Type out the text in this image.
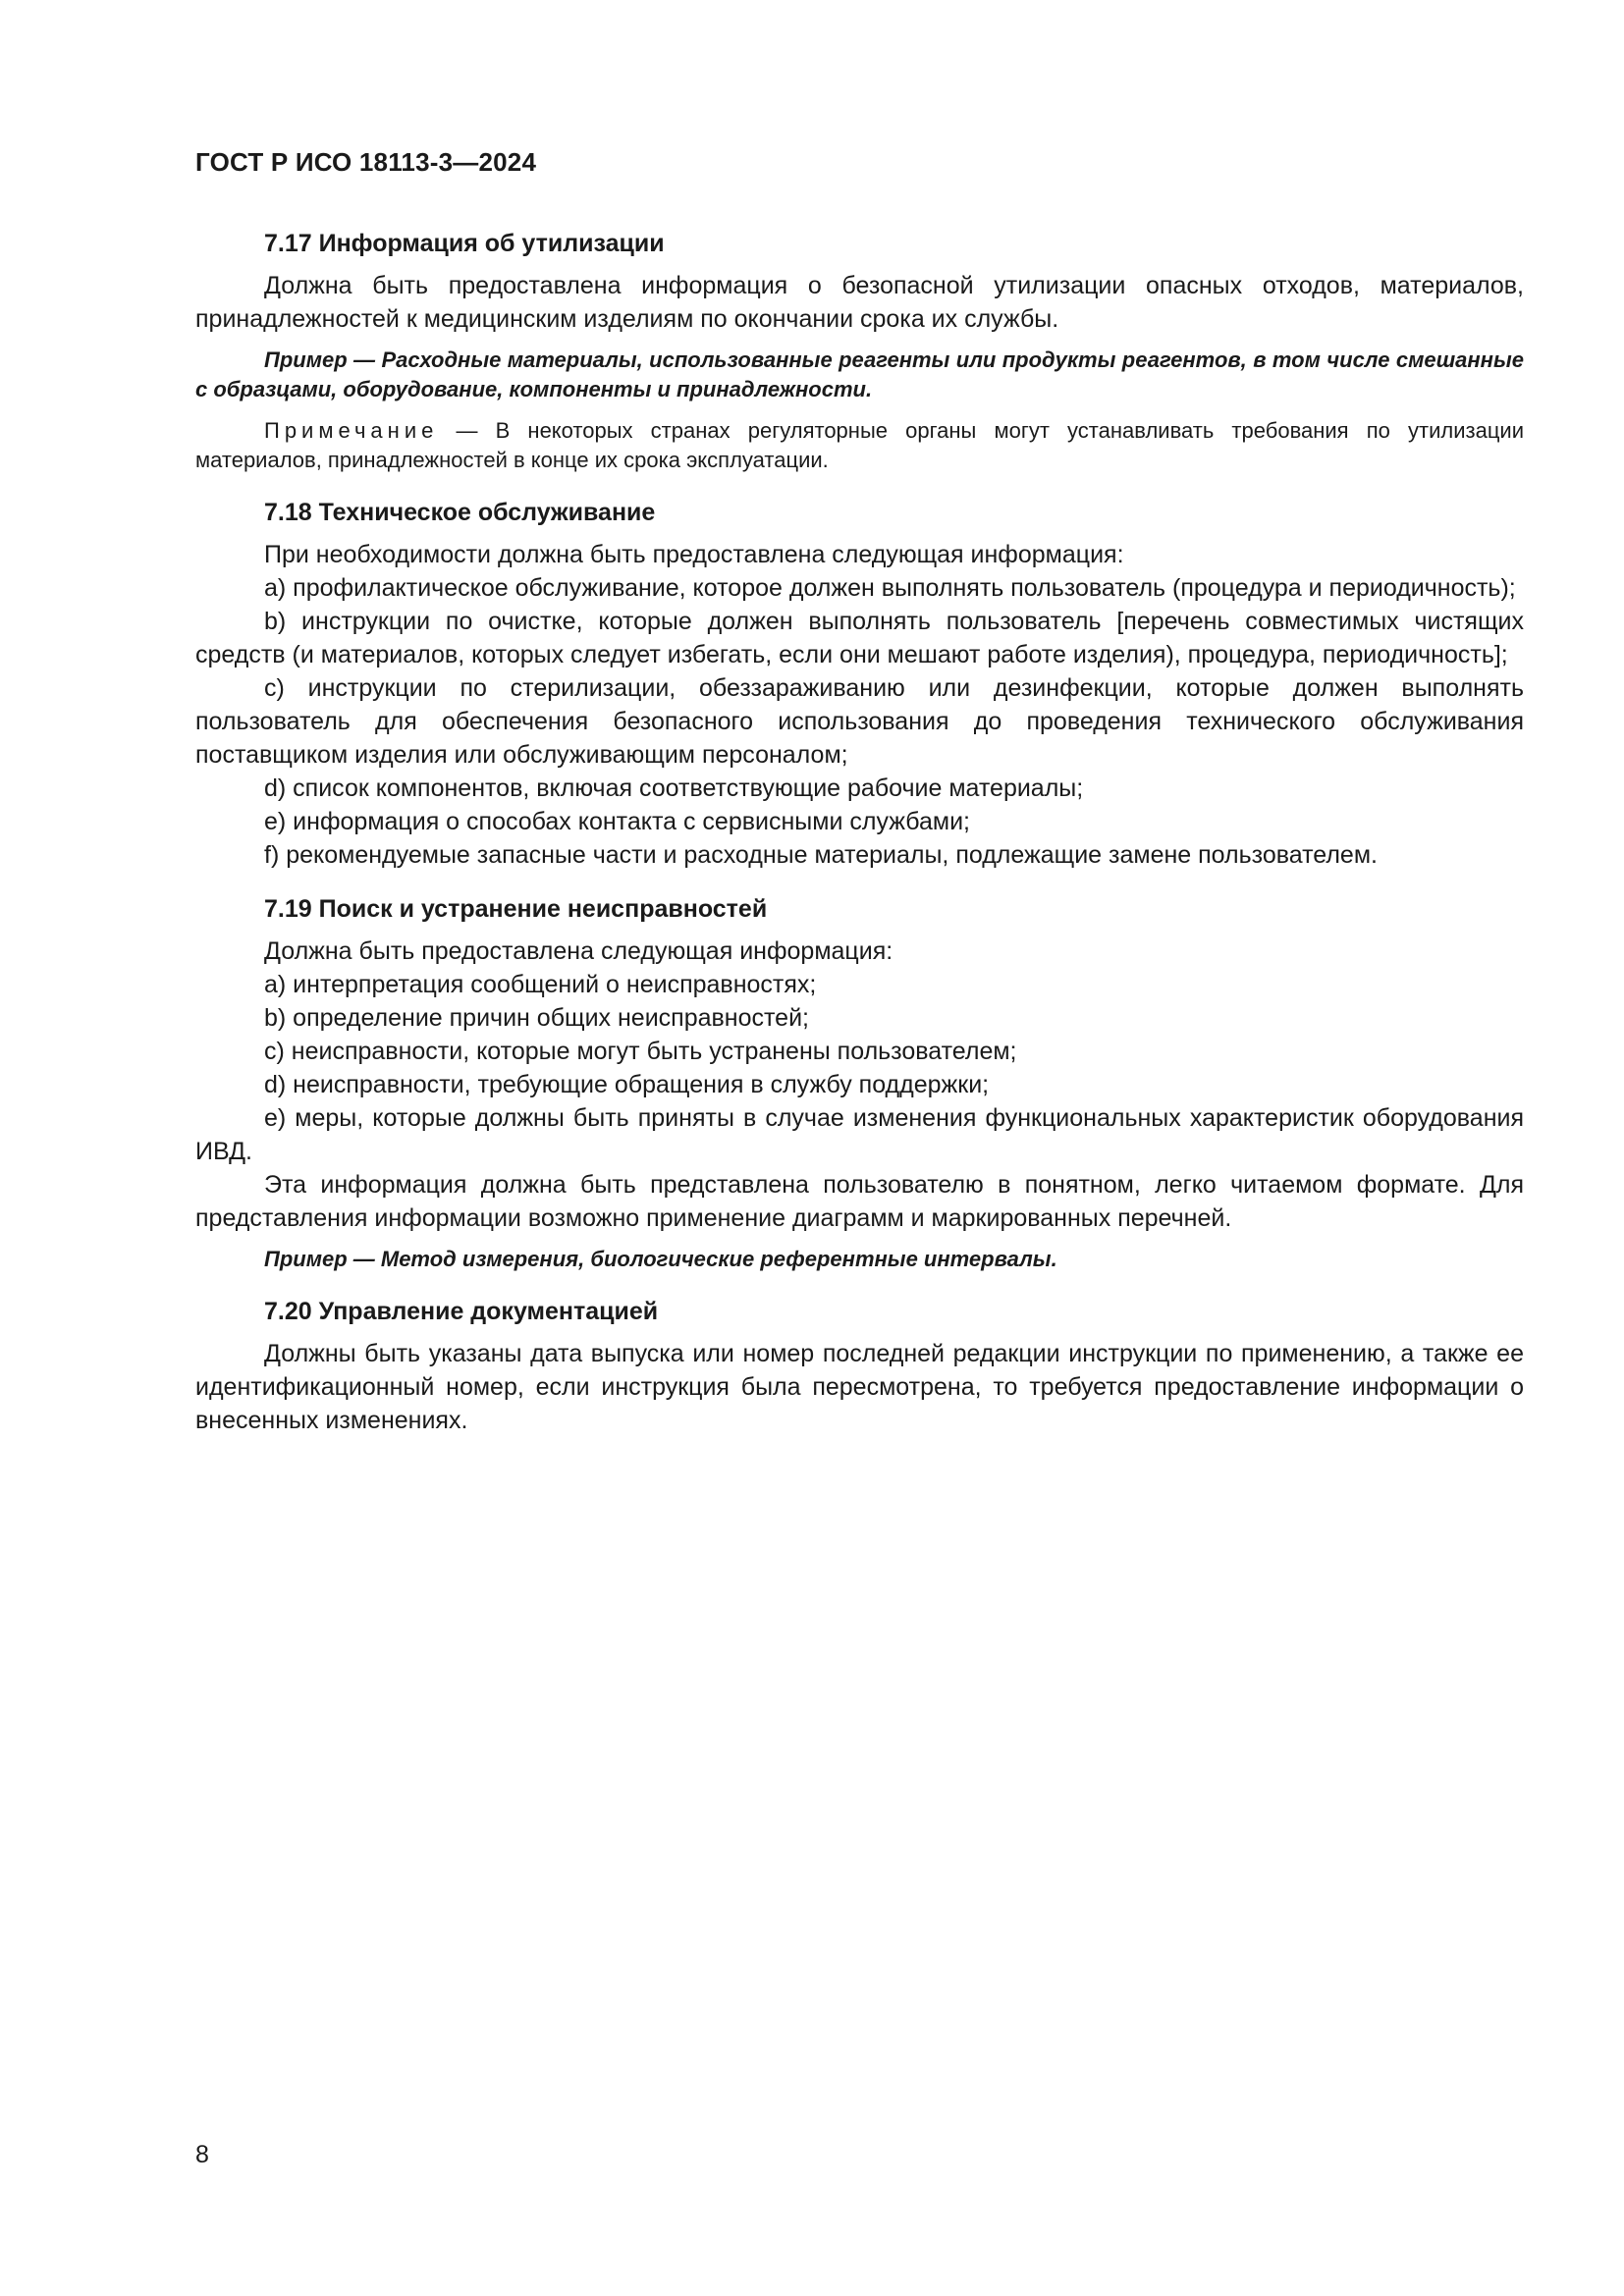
ГОСТ Р ИСО 18113-3—2024
7.17 Информация об утилизации

Должна быть предоставлена информация о безопасной утилизации опасных отходов, материалов, принадлежностей к медицинским изделиям по окончании срока их службы.

Пример — Расходные материалы, использованные реагенты или продукты реагентов, в том числе смешанные с образцами, оборудование, компоненты и принадлежности.

Примечание — В некоторых странах регуляторные органы могут устанавливать требования по утилизации материалов, принадлежностей в конце их срока эксплуатации.

7.18 Техническое обслуживание

При необходимости должна быть предоставлена следующая информация:

a) профилактическое обслуживание, которое должен выполнять пользователь (процедура и периодичность);

b) инструкции по очистке, которые должен выполнять пользователь [перечень совместимых чистящих средств (и материалов, которых следует избегать, если они мешают работе изделия), процедура, периодичность];

c) инструкции по стерилизации, обеззараживанию или дезинфекции, которые должен выполнять пользователь для обеспечения безопасного использования до проведения технического обслуживания поставщиком изделия или обслуживающим персоналом;

d) список компонентов, включая соответствующие рабочие материалы;

e) информация о способах контакта с сервисными службами;

f) рекомендуемые запасные части и расходные материалы, подлежащие замене пользователем.

7.19 Поиск и устранение неисправностей

Должна быть предоставлена следующая информация:

a) интерпретация сообщений о неисправностях;

b) определение причин общих неисправностей;

c) неисправности, которые могут быть устранены пользователем;

d) неисправности, требующие обращения в службу поддержки;

e) меры, которые должны быть приняты в случае изменения функциональных характеристик оборудования ИВД.

Эта информация должна быть представлена пользователю в понятном, легко читаемом формате. Для представления информации возможно применение диаграмм и маркированных перечней.

Пример — Метод измерения, биологические референтные интервалы.

7.20 Управление документацией

Должны быть указаны дата выпуска или номер последней редакции инструкции по применению, а также ее идентификационный номер, если инструкция была пересмотрена, то требуется предоставление информации о внесенных изменениях.

8
